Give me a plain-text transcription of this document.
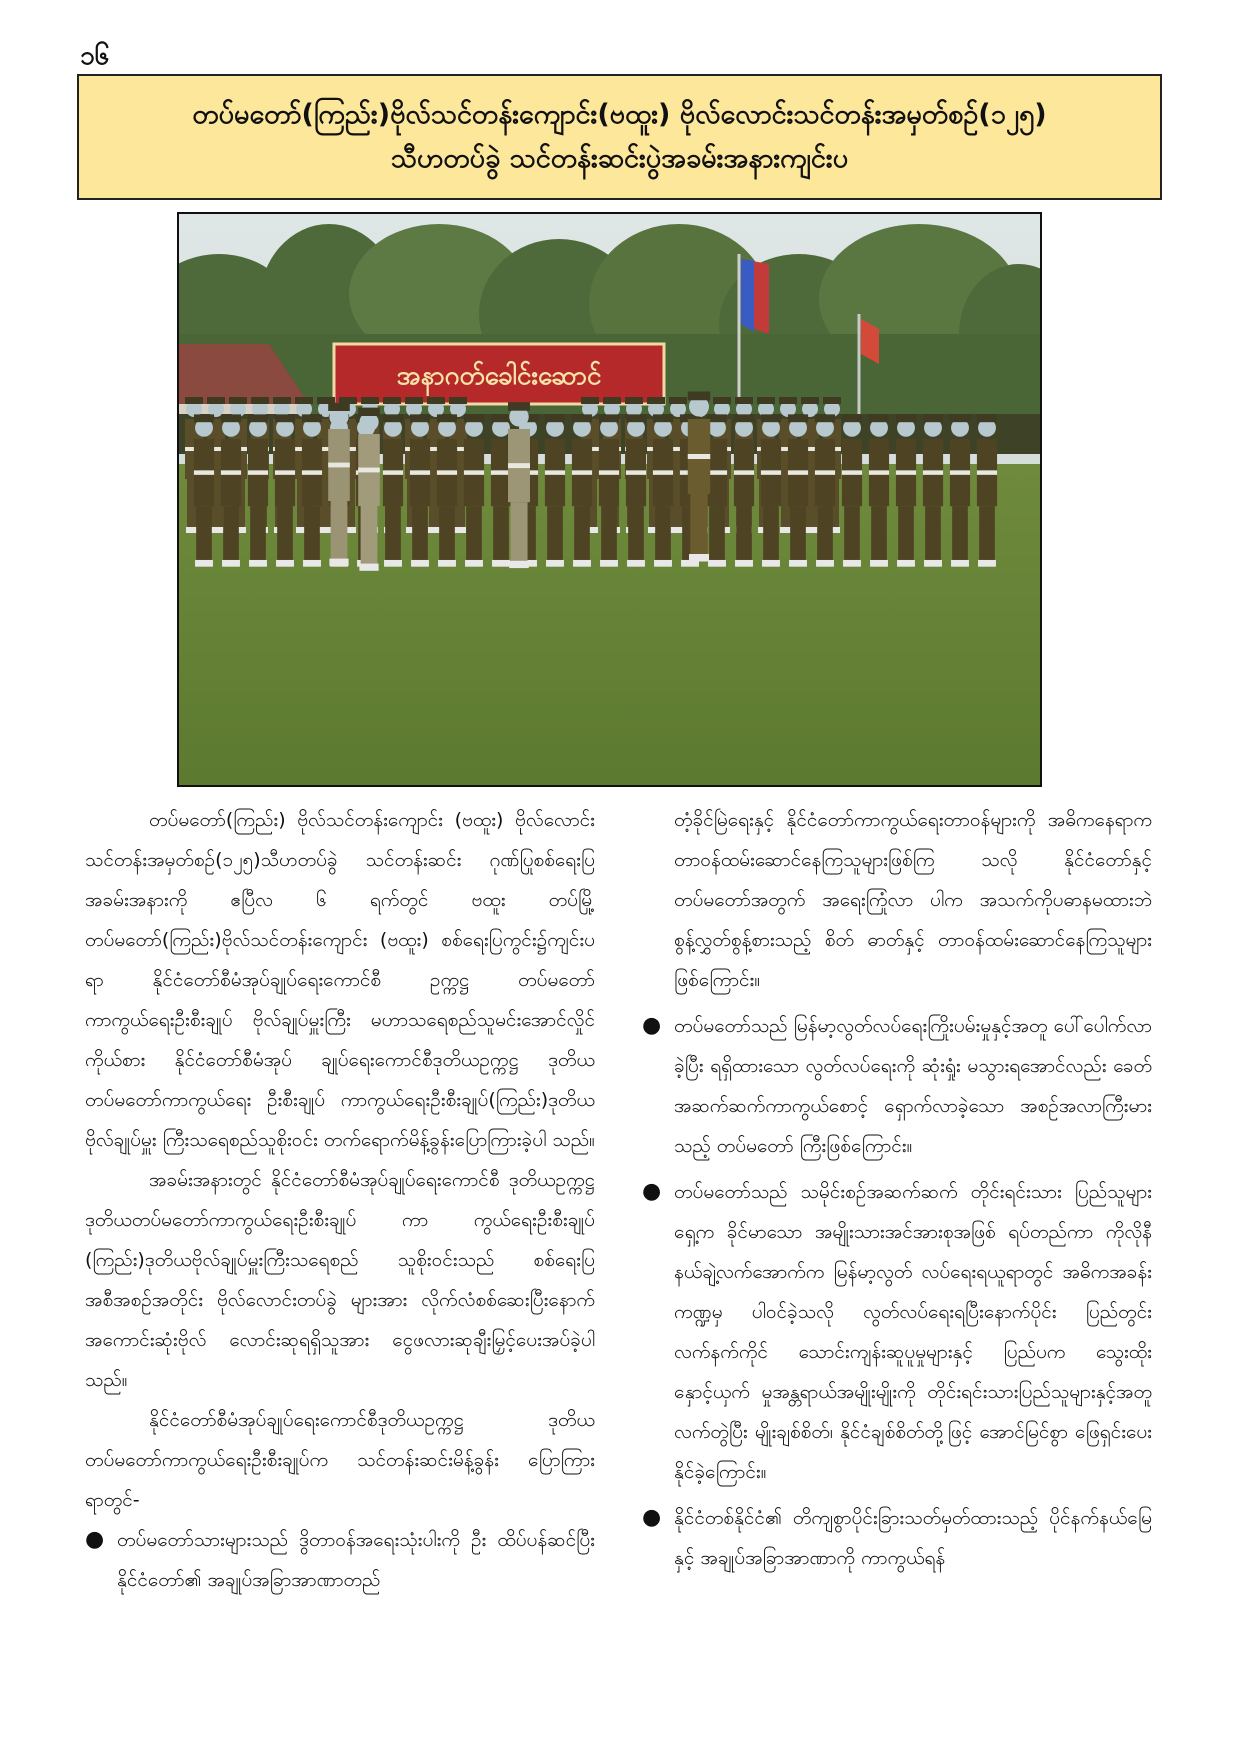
၁၆
တပ်မတော်(ကြည်း)ဗိုလ်သင်တန်းကျောင်း(ဗထူး) ဗိုလ်လောင်းသင်တန်းအမှတ်စဉ်(၁၂၅)
သီဟတပ်ခွဲ သင်တန်းဆင်းပွဲအခမ်းအနားကျင်းပ
အနာဂတ်ခေါင်းဆောင်

တပ်မတော်(ကြည်း) ဗိုလ်သင်တန်းကျောင်း (ဗထူး) ဗိုလ်လောင်းသင်တန်းအမှတ်စဉ်(၁၂၅)သီဟတပ်ခွဲ သင်တန်းဆင်း ဂုဏ်ပြုစစ်ရေးပြအခမ်းအနားကို ဧပြီလ ၆ ရက်တွင် ဗထူး တပ်မြို့ တပ်မတော်(ကြည်း)ဗိုလ်သင်တန်းကျောင်း (ဗထူး) စစ်ရေးပြကွင်း၌ကျင်းပရာ နိုင်ငံတော်စီမံအုပ်ချုပ်ရေးကောင်စီ ဥက္ကဋ္ဌ တပ်မတော်ကာကွယ်ရေးဦးစီးချုပ် ဗိုလ်ချုပ်မှူးကြီး မဟာသရေစည်သူမင်းအောင်လှိုင်ကိုယ်စား နိုင်ငံတော်စီမံအုပ် ချုပ်ရေးကောင်စီဒုတိယဥက္ကဋ္ဌ ဒုတိယတပ်မတော်ကာကွယ်ရေး ဦးစီးချုပ် ကာကွယ်ရေးဦးစီးချုပ်(ကြည်း)ဒုတိယဗိုလ်ချုပ်မှူး ကြီးသရေစည်သူစိုးဝင်း တက်ရောက်မိန့်ခွန်းပြောကြားခဲ့ပါ သည်။

အခမ်းအနားတွင် နိုင်ငံတော်စီမံအုပ်ချုပ်ရေးကောင်စီ ဒုတိယဥက္ကဋ္ဌ ဒုတိယတပ်မတော်ကာကွယ်ရေးဦးစီးချုပ် ကာ ကွယ်ရေးဦးစီးချုပ် (ကြည်း)ဒုတိယဗိုလ်ချုပ်မှူးကြီးသရေစည် သူစိုးဝင်းသည် စစ်ရေးပြအစီအစဉ်အတိုင်း ဗိုလ်လောင်းတပ်ခွဲ များအား လိုက်လံစစ်ဆေးပြီးနောက် အကောင်းဆုံးဗိုလ် လောင်းဆုရရှိသူအား ငွေဖလားဆုချီးမြှင့်ပေးအပ်ခဲ့ပါ သည်။

နိုင်ငံတော်စီမံအုပ်ချုပ်ရေးကောင်စီဒုတိယဥက္ကဋ္ဌ ဒုတိယ တပ်မတော်ကာကွယ်ရေးဦးစီးချုပ်က သင်တန်းဆင်းမိန့်ခွန်း ပြောကြားရာတွင်-

● တပ်မတော်သားများသည် ဒွိတာဝန်အရေးသုံးပါးကို ဦး ထိပ်ပန်ဆင်ပြီး နိုင်ငံတော်၏ အချုပ်အခြာအာဏာတည်
တံ့ခိုင်မြဲရေးနှင့် နိုင်ငံတော်ကာကွယ်ရေးတာဝန်များကို အဓိကနေရာက တာဝန်ထမ်းဆောင်နေကြသူများဖြစ်ကြ သလို နိုင်ငံတော်နှင့် တပ်မတော်အတွက် အရေးကြုံလာ ပါက အသက်ကိုပဓာနမထားဘဲ စွန့်လွှတ်စွန့်စားသည့် စိတ် ဓာတ်နှင့် တာဝန်ထမ်းဆောင်နေကြသူများဖြစ်ကြောင်း။
● တပ်မတော်သည် မြန်မာ့လွတ်လပ်ရေးကြိုးပမ်းမှုနှင့်အတူ ပေါ်ပေါက်လာခဲ့ပြီး ရရှိထားသော လွတ်လပ်ရေးကို ဆုံးရှုံး မသွားရအောင်လည်း ခေတ်အဆက်ဆက်ကာကွယ်စောင့် ရှောက်လာခဲ့သော အစဉ်အလာကြီးမားသည့် တပ်မတော် ကြီးဖြစ်ကြောင်း။
● တပ်မတော်သည် သမိုင်းစဉ်အဆက်ဆက် တိုင်းရင်းသား ပြည်သူများရှေ့က ခိုင်မာသော အမျိုးသားအင်အားစုအဖြစ် ရပ်တည်ကာ ကိုလိုနီနယ်ချဲ့လက်အောက်က မြန်မာ့လွတ် လပ်ရေးရယူရာတွင် အဓိကအခန်းကဏ္ဍမှ ပါဝင်ခဲ့သလို လွတ်လပ်ရေးရပြီးနောက်ပိုင်း ပြည်တွင်းလက်နက်ကိုင် သောင်းကျန်းဆူပူမှုများနှင့် ပြည်ပက သွေးထိုးနှောင့်ယှက် မှုအန္တရာယ်အမျိုးမျိုးကို တိုင်းရင်းသားပြည်သူများနှင့်အတူ လက်တွဲပြီး မျိုးချစ်စိတ်၊ နိုင်ငံချစ်စိတ်တို့ဖြင့် အောင်မြင်စွာ ဖြေရှင်းပေးနိုင်ခဲ့ကြောင်း။
● နိုင်ငံတစ်နိုင်ငံ၏ တိကျစွာပိုင်းခြားသတ်မှတ်ထားသည့် ပိုင်နက်နယ်မြေနှင့် အချုပ်အခြာအာဏာကို ကာကွယ်ရန်
